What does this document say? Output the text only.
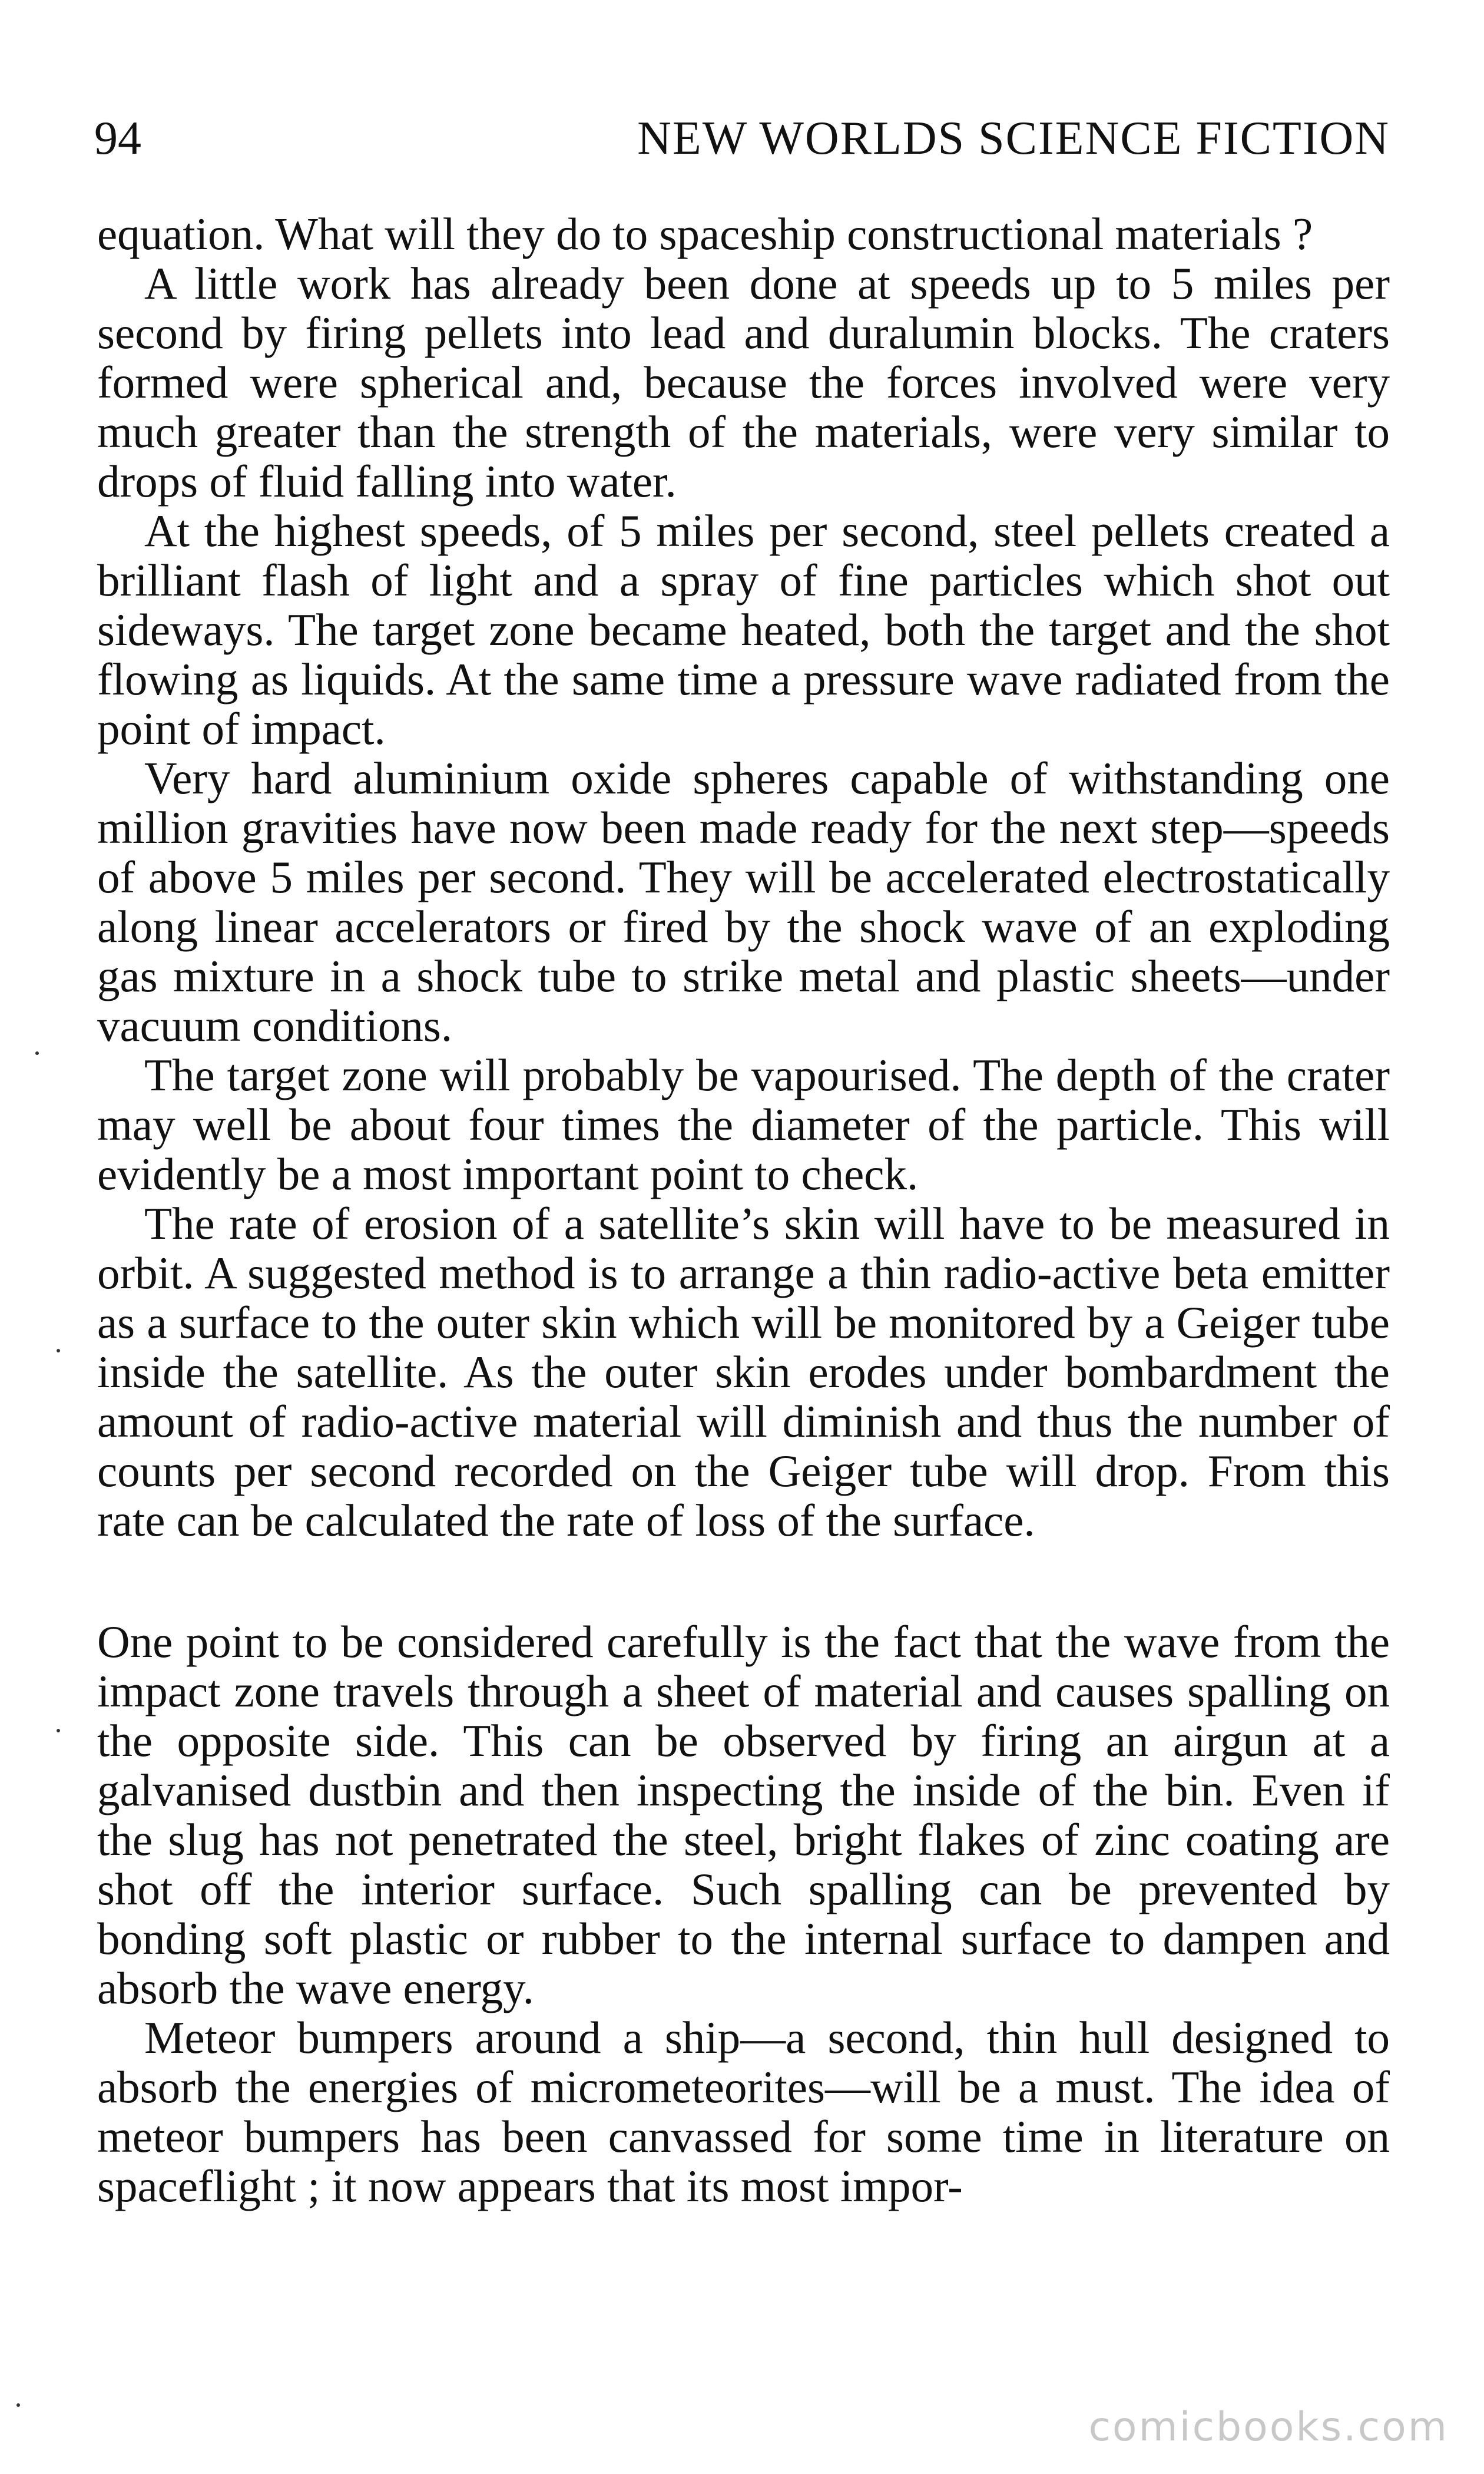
94	NEW WORLDS SCIENCE FICTION

equation. What will they do to spaceship constructional materials ?

A little work has already been done at speeds up to 5 miles per second by firing pellets into lead and duralumin blocks. The craters formed were spherical and, because the forces involved were very much greater than the strength of the materials, were very similar to drops of fluid falling into water.

At the highest speeds, of 5 miles per second, steel pellets created a brilliant flash of light and a spray of fine particles which shot out sideways. The target zone became heated, both the target and the shot flowing as liquids. At the same time a pressure wave radiated from the point of impact.

Very hard aluminium oxide spheres capable of withstanding one million gravities have now been made ready for the next step—speeds of above 5 miles per second. They will be accelerated electrostatically along linear accelerators or fired by the shock wave of an exploding gas mixture in a shock tube to strike metal and plastic sheets—under vacuum conditions.

The target zone will probably be vapourised. The depth of the crater may well be about four times the diameter of the particle. This will evidently be a most important point to check.

The rate of erosion of a satellite’s skin will have to be measured in orbit. A suggested method is to arrange a thin radio-active beta emitter as a surface to the outer skin which will be monitored by a Geiger tube inside the satellite. As the outer skin erodes under bombardment the amount of radio-active material will diminish and thus the number of counts per second recorded on the Geiger tube will drop. From this rate can be calculated the rate of loss of the surface.

One point to be considered carefully is the fact that the wave from the impact zone travels through a sheet of material and causes spalling on the opposite side. This can be observed by firing an airgun at a galvanised dustbin and then inspecting the inside of the bin. Even if the slug has not penetrated the steel, bright flakes of zinc coating are shot off the interior surface. Such spalling can be prevented by bonding soft plastic or rubber to the internal surface to dampen and absorb the wave energy.

Meteor bumpers around a ship—a second, thin hull designed to absorb the energies of micrometeorites—will be a must. The idea of meteor bumpers has been canvassed for some time in literature on spaceflight ; it now appears that its most impor-

comicbooks.com
